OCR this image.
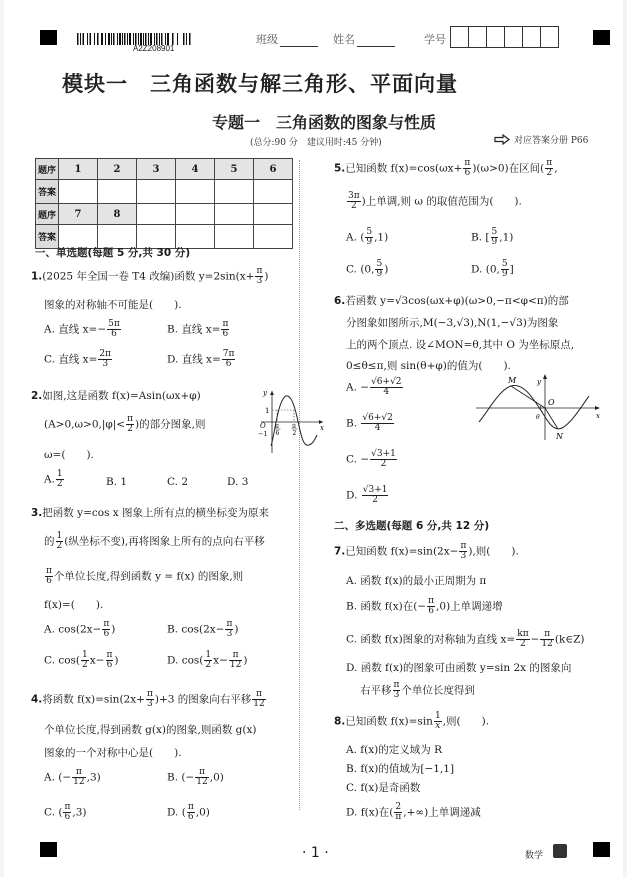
A2Z208901
班级	姓名	学号
模块一　三角函数与解三角形、平面向量
专题一　三角函数的图象与性质
(总分:90 分　建议用时:45 分钟)	对应答案分册 P66
题序	1	2	3	4	5	6
答案						
题序	7	8				
答案						
一、单选题(每题 5 分,共 30 分)
1.(2025 年全国一卷 T4 改编)函数 $y=2\sin(x+ \frac{\pi}{3}$ )
图象的对称轴不可能是(　　).
A. 直线 $x=- \frac{5\pi}{6}$	B. 直线 $x= \frac{\pi}{6}$
C. 直线 $x= \frac{2\pi}{3}$	D. 直线 $x= \frac{7\pi}{6}$
2.如图,这是函数 f(x)=Asin(ωx+φ)
($A>0,\omega>0,|\varphi|< \frac{\pi}{2}$ )的部分图象,则
ω=(　　).
A. $\frac{1}{2}$	B. 1	C. 2	D. 3
y
x
1
O
−1
π
6
π
2
3.把函数 y=cos x 图象上所有点的横坐标变为原来
的 $\frac{1}{2}$ (纵坐标不变),再将图象上所有的点向右平移
$\frac{\pi}{6}$ 个单位长度,得到函数 y = f(x) 的图象,则
f(x)=(　　).
A. $\cos(2x- \frac{\pi}{6}$ )	B. $\cos(2x- \frac{\pi}{3}$ )
C. $\cos( \frac{1}{2} x- \frac{\pi}{6}$ )	D. $\cos( \frac{1}{2} x- \frac{\pi}{12}$ )
4.将函数 $f(x)=\sin(2x+ \frac{\pi}{3} )+3$ 的图象向右平移 $\frac{\pi}{12}$
个单位长度,得到函数 g(x)的图象,则函数 g(x)
图象的一个对称中心是(　　).
A. (− $\frac{\pi}{12} ,3$)	B. (− $\frac{\pi}{12} ,0$)
C. ( $\frac{\pi}{6} ,3$)	D. ( $\frac{\pi}{6} ,0$)
5.已知函数 $f(x)=\cos(\omega x+ \frac{\pi}{6} )(\omega>0)$在区间( $\frac{\pi}{2}$ ,
$\frac{3\pi}{2}$ )上单调,则 ω 的取值范围为(　　).
A. ( $\frac{5}{9} ,1$)	B. [ $\frac{5}{9} ,1$)
C. (0, $\frac{5}{9}$ )	D. (0, $\frac{5}{9}$ ]
6.若函数 y=√3cos(ωx+φ)(ω>0,−π<φ<π)的部
分图象如图所示,M(−3,√3),N(1,−√3)为图象
上的两个顶点. 设∠MON=θ,其中 O 为坐标原点,
0≤θ≤π,则 sin(θ+φ)的值为(　　).
A. − $\frac{√6+√2}{4}$
B. $\frac{√6+√2}{4}$
C. − $\frac{√3+1}{2}$
D. $\frac{√3+1}{2}$
M
N
O
y
x
θ
二、多选题(每题 6 分,共 12 分)
7.已知函数 $f(x)=\sin(2x- \frac{\pi}{3}$ ),则(　　).
A. 函数 f(x)的最小正周期为 π
B. 函数 f(x)在(− $\frac{\pi}{6} ,0$)上单调递增
C. 函数 f(x)图象的对称轴为直线 $x= \frac{k\pi}{2} - \frac{\pi}{12}$ (k∈Z)
D. 函数 f(x)的图象可由函数 y=sin 2x 的图象向
右平移 $\frac{\pi}{3}$ 个单位长度得到
8.已知函数 $f(x)=\sin \frac{1}{x}$ ,则(　　).
A. f(x)的定义域为 R
B. f(x)的值域为[−1,1]
C. f(x)是奇函数
D. f(x)在( $\frac{2}{\pi}$ ,+∞)上单调递减
· 1 ·	数学
